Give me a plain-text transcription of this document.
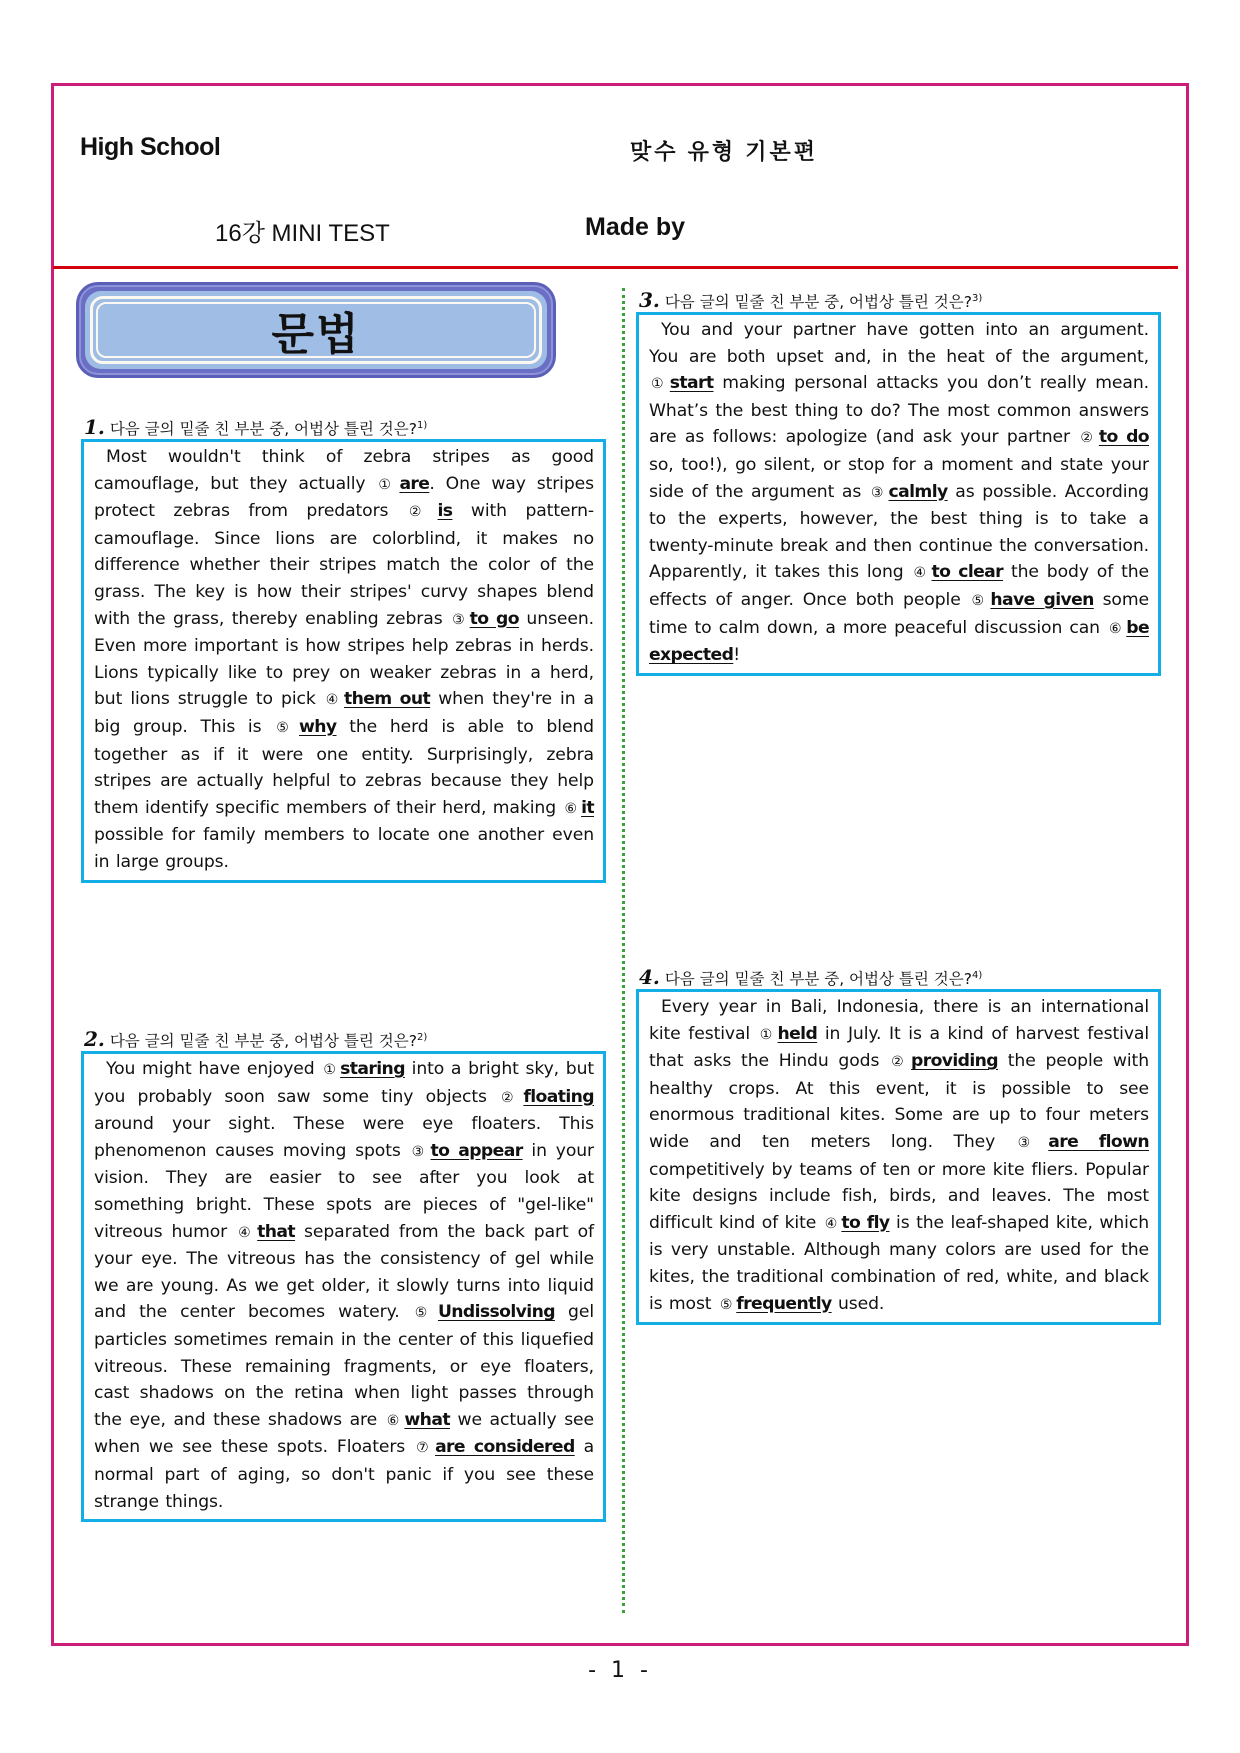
High School	맞수 유형 기본편
16강 MINI TEST	Made by
문법
1. 다음 글의 밑줄 친 부분 중, 어법상 틀린 것은?$^{1)}$
Most wouldn't think of zebra stripes as good camouflage, but they actually ① are. One way stripes protect zebras from predators ② is with pattern-camouflage. Since lions are colorblind, it makes no difference whether their stripes match the color of the grass. The key is how their stripes' curvy shapes blend with the grass, thereby enabling zebras ③ to go unseen. Even more important is how stripes help zebras in herds. Lions typically like to prey on weaker zebras in a herd, but lions struggle to pick ④ them out when they're in a big group. This is ⑤ why the herd is able to blend together as if it were one entity. Surprisingly, zebra stripes are actually helpful to zebras because they help them identify specific members of their herd, making ⑥ it possible for family members to locate one another even in large groups.
2. 다음 글의 밑줄 친 부분 중, 어법상 틀린 것은?$^{2)}$
You might have enjoyed ① staring into a bright sky, but you probably soon saw some tiny objects ② floating around your sight. These were eye floaters. This phenomenon causes moving spots ③ to appear in your vision. They are easier to see after you look at something bright. These spots are pieces of "gel-like" vitreous humor ④ that separated from the back part of your eye. The vitreous has the consistency of gel while we are young. As we get older, it slowly turns into liquid and the center becomes watery. ⑤ Undissolving gel particles sometimes remain in the center of this liquefied vitreous. These remaining fragments, or eye floaters, cast shadows on the retina when light passes through the eye, and these shadows are ⑥ what we actually see when we see these spots. Floaters ⑦ are considered a normal part of aging, so don't panic if you see these strange things.
3. 다음 글의 밑줄 친 부분 중, 어법상 틀린 것은?$^{3)}$
You and your partner have gotten into an argument. You are both upset and, in the heat of the argument, ① start making personal attacks you don’t really mean. What’s the best thing to do? The most common answers are as follows: apologize (and ask your partner ② to do so, too!), go silent, or stop for a moment and state your side of the argument as ③ calmly as possible. According to the experts, however, the best thing is to take a twenty-minute break and then continue the conversation. Apparently, it takes this long ④ to clear the body of the effects of anger. Once both people ⑤ have given some time to calm down, a more peaceful discussion can ⑥ be expected!
4. 다음 글의 밑줄 친 부분 중, 어법상 틀린 것은?$^{4)}$
Every year in Bali, Indonesia, there is an international kite festival ① held in July. It is a kind of harvest festival that asks the Hindu gods ② providing the people with healthy crops. At this event, it is possible to see enormous traditional kites. Some are up to four meters wide and ten meters long. They ③ are flown competitively by teams of ten or more kite fliers. Popular kite designs include fish, birds, and leaves. The most difficult kind of kite ④ to fly is the leaf-shaped kite, which is very unstable. Although many colors are used for the kites, the traditional combination of red, white, and black is most ⑤ frequently used.
- 1 -
